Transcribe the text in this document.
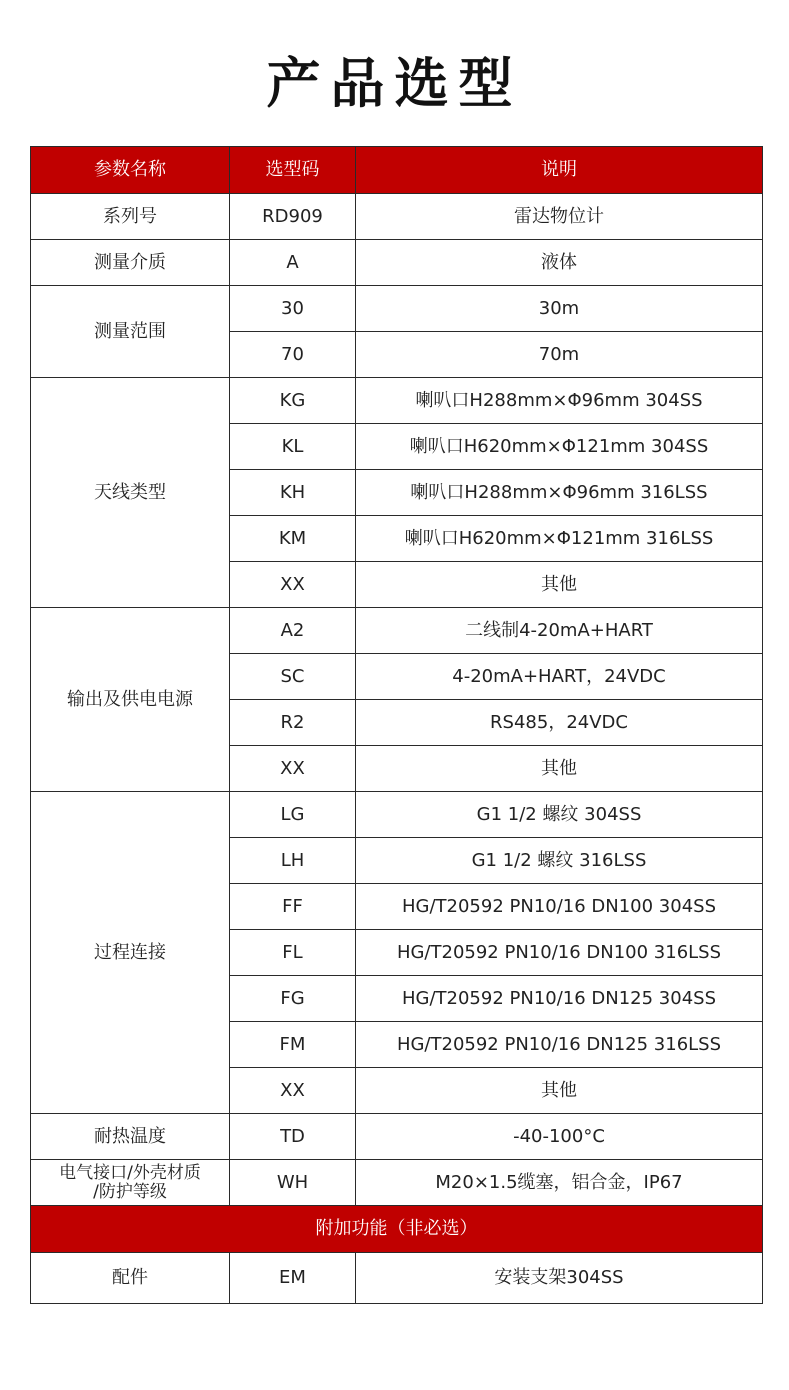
产品选型
参数名称	选型码	说明
系列号	RD909	雷达物位计
测量介质	A	液体
测量范围	30	30m
	70	70m
天线类型	KG	喇叭口H288mm×Φ96mm 304SS
	KL	喇叭口H620mm×Φ121mm 304SS
	KH	喇叭口H288mm×Φ96mm 316LSS
	KM	喇叭口H620mm×Φ121mm 316LSS
	XX	其他
输出及供电电源	A2	二线制4-20mA+HART
	SC	4-20mA+HART，24VDC
	R2	RS485，24VDC
	XX	其他
过程连接	LG	G1 1/2 螺纹 304SS
	LH	G1 1/2 螺纹 316LSS
	FF	HG/T20592 PN10/16 DN100 304SS
	FL	HG/T20592 PN10/16 DN100 316LSS
	FG	HG/T20592 PN10/16 DN125 304SS
	FM	HG/T20592 PN10/16 DN125 316LSS
	XX	其他
耐热温度	TD	-40-100°C
电气接口/外壳材质
/防护等级	WH	M20×1.5缆塞，铝合金，IP67
附加功能（非必选）		
配件	EM	安装支架304SS
